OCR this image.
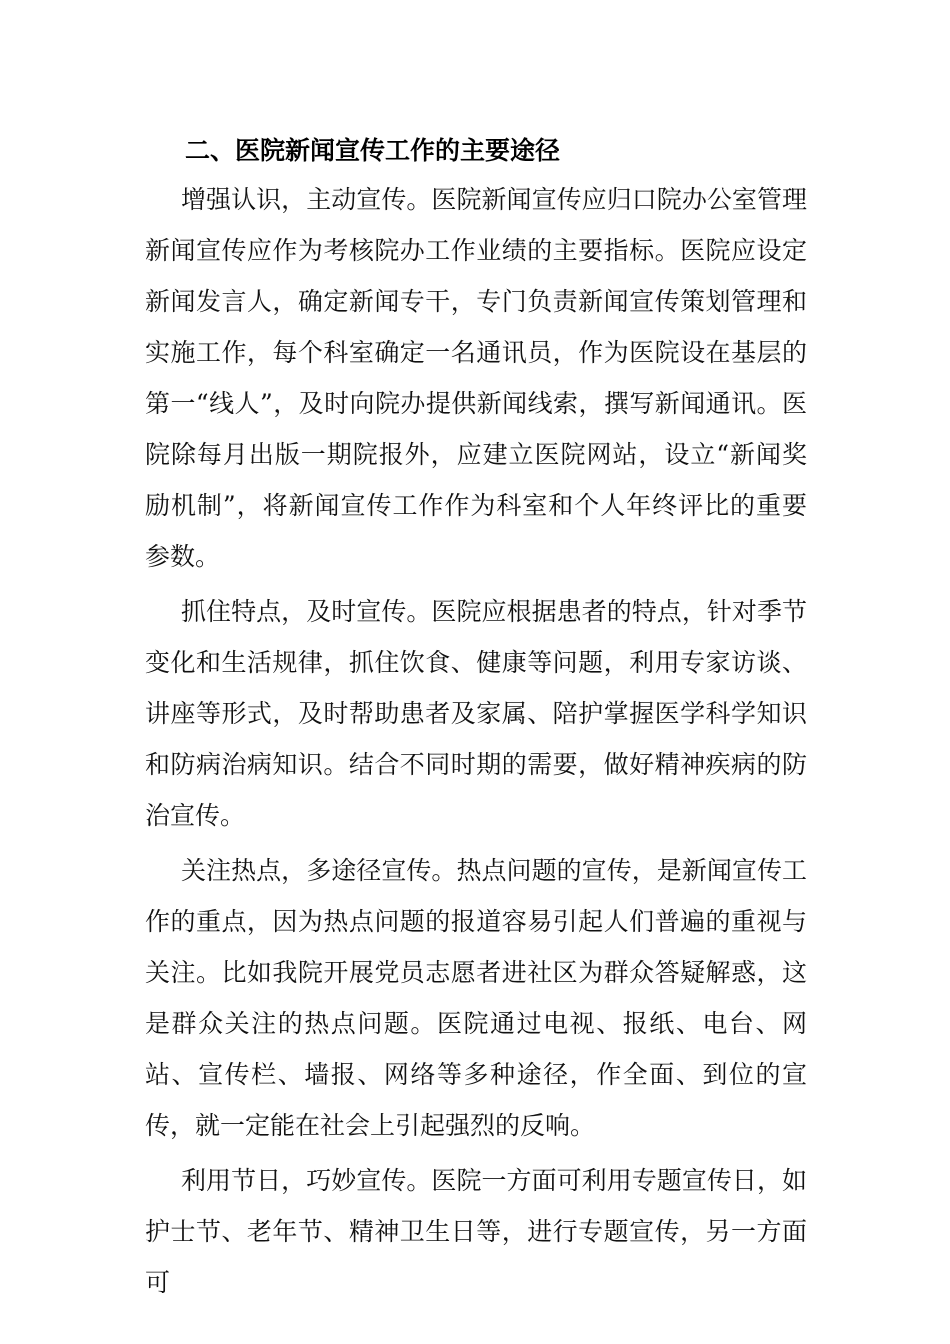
二、医院新闻宣传工作的主要途径

增强认识，主动宣传。医院新闻宣传应归口院办公室管理新闻宣传应作为考核院办工作业绩的主要指标。医院应设定新闻发言人，确定新闻专干，专门负责新闻宣传策划管理和实施工作，每个科室确定一名通讯员，作为医院设在基层的第一“线人”，及时向院办提供新闻线索，撰写新闻通讯。医院除每月出版一期院报外，应建立医院网站，设立“新闻奖励机制”，将新闻宣传工作作为科室和个人年终评比的重要参数。

抓住特点，及时宣传。医院应根据患者的特点，针对季节变化和生活规律，抓住饮食、健康等问题，利用专家访谈、讲座等形式，及时帮助患者及家属、陪护掌握医学科学知识和防病治病知识。结合不同时期的需要，做好精神疾病的防治宣传。

关注热点，多途径宣传。热点问题的宣传，是新闻宣传工作的重点，因为热点问题的报道容易引起人们普遍的重视与关注。比如我院开展党员志愿者进社区为群众答疑解惑，这是群众关注的热点问题。医院通过电视、报纸、电台、网站、宣传栏、墙报、网络等多种途径，作全面、到位的宣传，就一定能在社会上引起强烈的反响。

利用节日，巧妙宣传。医院一方面可利用专题宣传日，如护士节、老年节、精神卫生日等，进行专题宣传，另一方面可
